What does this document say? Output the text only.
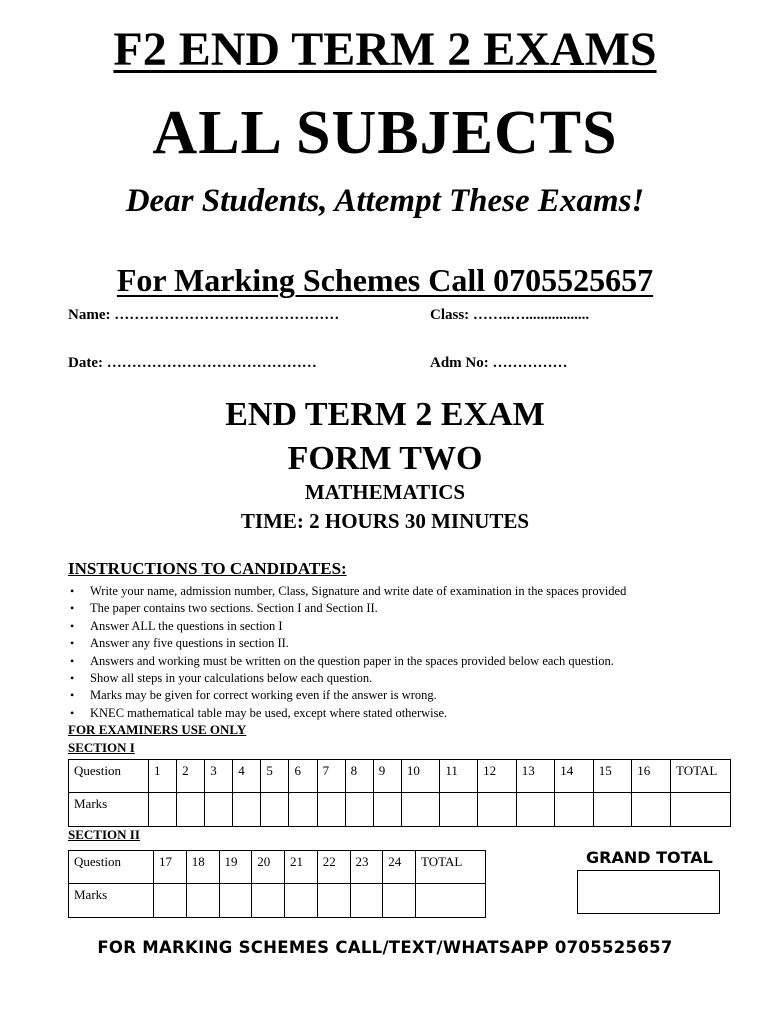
F2 END TERM 2 EXAMS
ALL SUBJECTS
Dear Students, Attempt These Exams!
For Marking Schemes Call 0705525657
Name: ………………………………………	Class: ……..….................
Date: ……………………………………	Adm No: ……………
END TERM 2 EXAM
FORM TWO
MATHEMATICS
TIME: 2 HOURS 30 MINUTES
INSTRUCTIONS TO CANDIDATES:
• Write your name, admission number, Class, Signature and write date of examination in the spaces provided
• The paper contains two sections. Section I and Section II.
• Answer ALL the questions in section I
• Answer any five questions in section II.
• Answers and working must be written on the question paper in the spaces provided below each question.
• Show all steps in your calculations below each question.
• Marks may be given for correct working even if the answer is wrong.
• KNEC mathematical table may be used, except where stated otherwise.
FOR EXAMINERS USE ONLY
SECTION I
Question	1	2	3	4	5	6	7	8	9	10	11	12	13	14	15	16	TOTAL
Marks																	
SECTION II
Question	17	18	19	20	21	22	23	24	TOTAL
Marks									
GRAND TOTAL
FOR MARKING SCHEMES CALL/TEXT/WHATSAPP 0705525657
